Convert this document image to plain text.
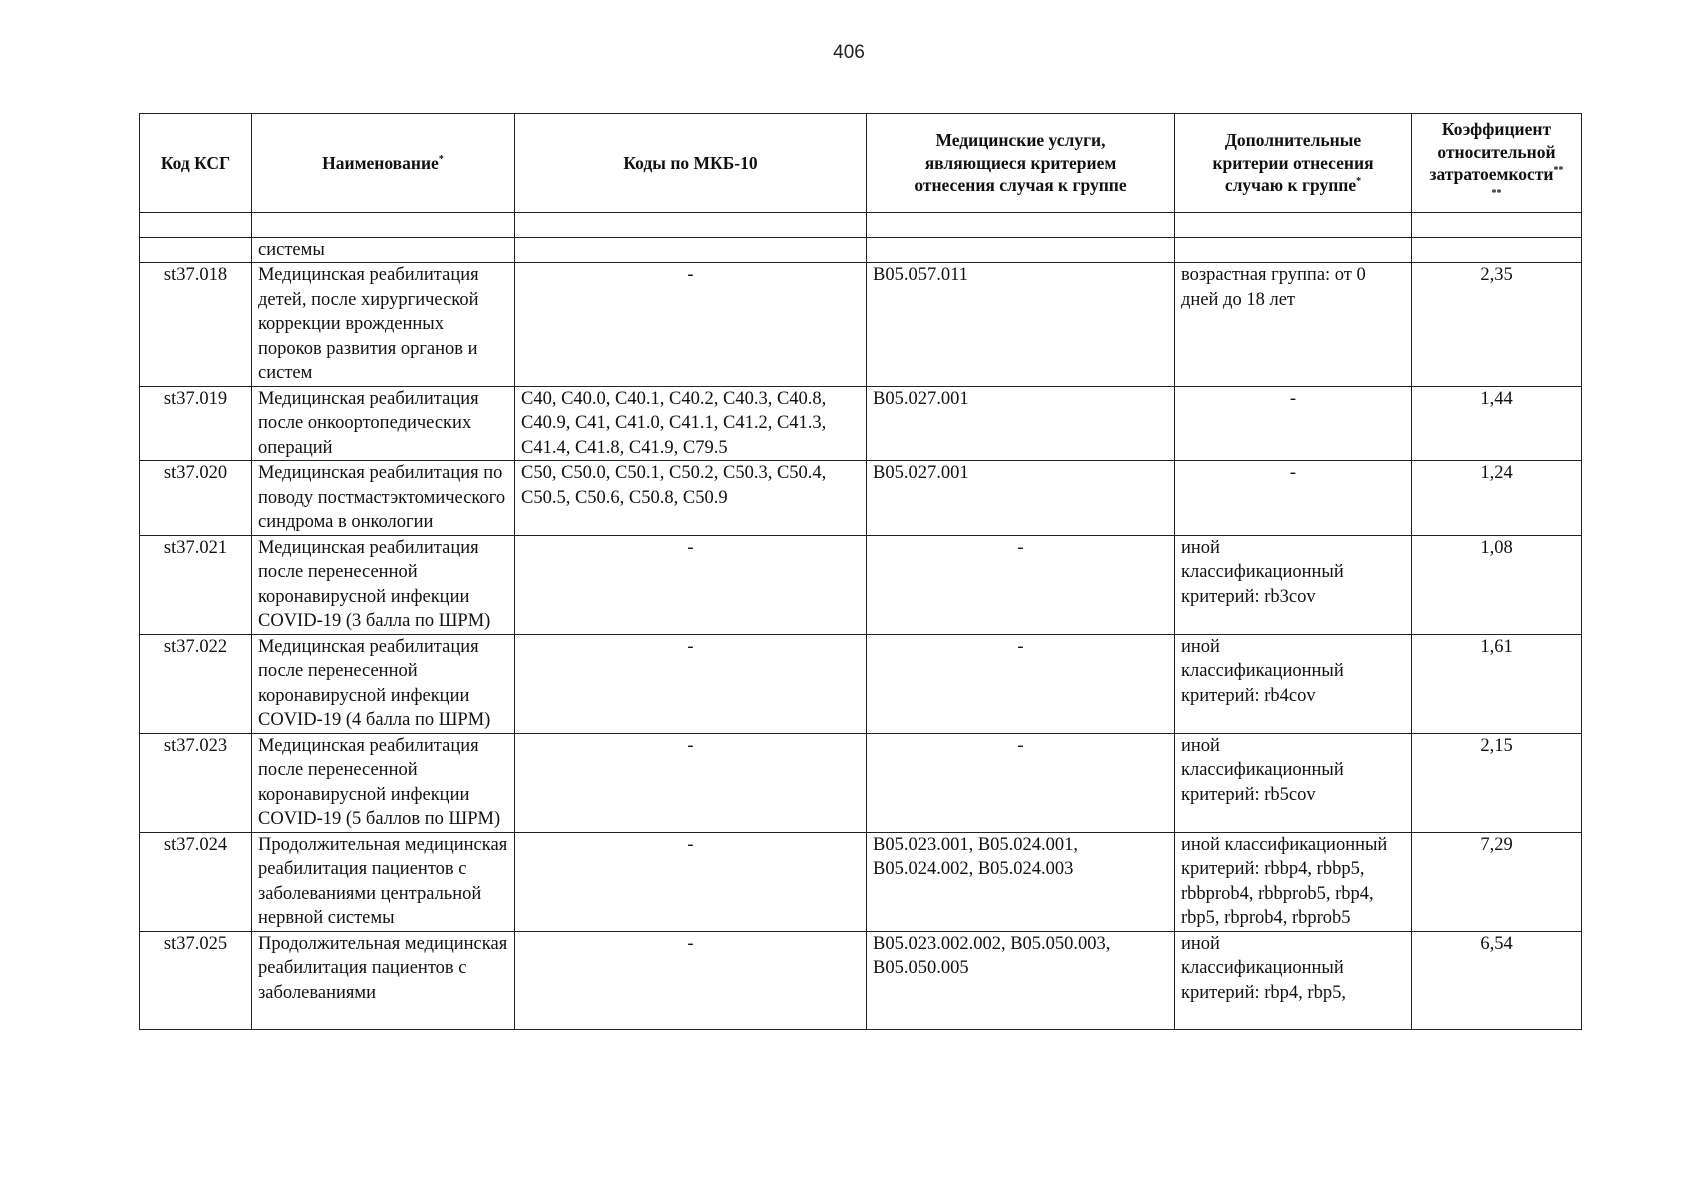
406
Код КСГ	Наименование*	Коды по МКБ-10	Медицинские услуги, являющиеся критерием отнесения случая к группе	Дополнительные критерии отнесения случаю к группе*	Коэффициент относительной затратоемкости**
**

	системы				
st37.018	Медицинская реабилитация детей, после хирургической коррекции врожденных пороков развития органов и систем	-	B05.057.011	возрастная группа: от 0 дней до 18 лет	2,35
st37.019	Медицинская реабилитация после онкоортопедических операций	C40, C40.0, C40.1, C40.2, C40.3, C40.8, C40.9, C41, C41.0, C41.1, C41.2, C41.3, C41.4, C41.8, C41.9, C79.5	B05.027.001	-	1,44
st37.020	Медицинская реабилитация по поводу постмастэктомического синдрома в онкологии	C50, C50.0, C50.1, C50.2, C50.3, C50.4, C50.5, C50.6, C50.8, C50.9	B05.027.001	-	1,24
st37.021	Медицинская реабилитация после перенесенной коронавирусной инфекции COVID-19 (3 балла по ШРМ)	-	-	иной классификационный критерий: rb3cov	1,08
st37.022	Медицинская реабилитация после перенесенной коронавирусной инфекции COVID-19 (4 балла по ШРМ)	-	-	иной классификационный критерий: rb4cov	1,61
st37.023	Медицинская реабилитация после перенесенной коронавирусной инфекции COVID-19 (5 баллов по ШРМ)	-	-	иной классификационный критерий: rb5cov	2,15
st37.024	Продолжительная медицинская реабилитация пациентов с заболеваниями центральной нервной системы	-	B05.023.001, B05.024.001, B05.024.002, B05.024.003	иной классификационный критерий: rbbp4, rbbp5, rbbprob4, rbbprob5, rbp4, rbp5, rbprob4, rbprob5	7,29
st37.025	Продолжительная медицинская реабилитация пациентов с заболеваниями	-	B05.023.002.002, B05.050.003, B05.050.005	иной классификационный критерий: rbp4, rbp5,	6,54
